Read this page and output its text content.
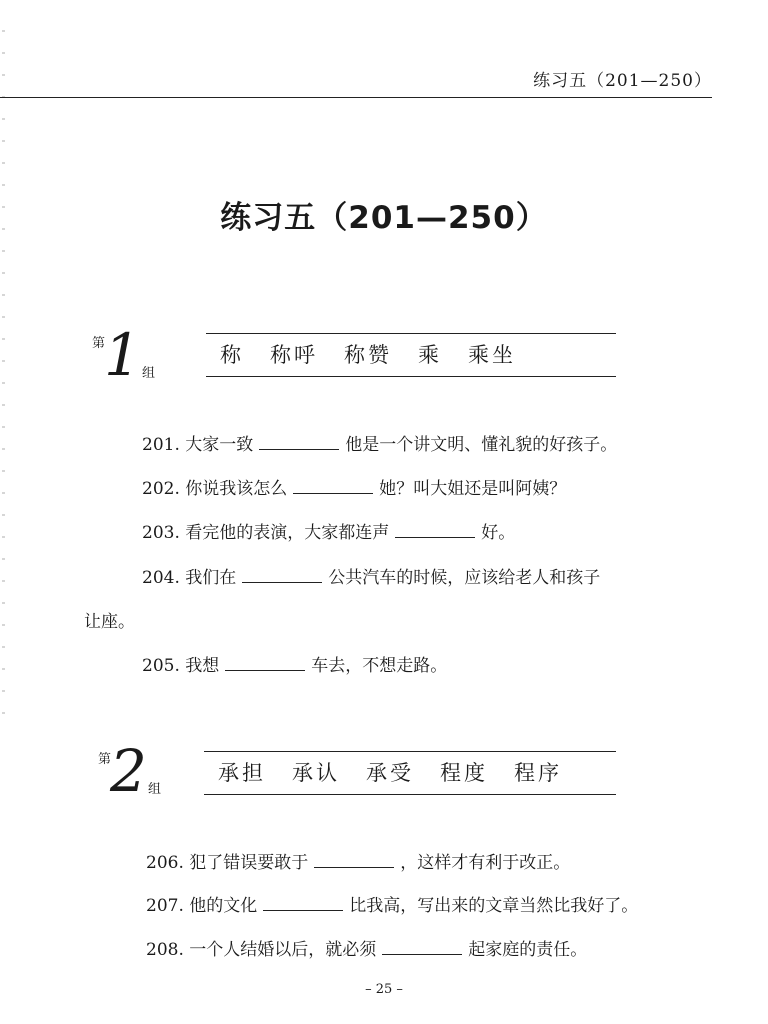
练习五（201—250）
练习五（201—250）
第
1 组
称 称呼 称赞 乘 乘坐
201. 大家一致	他是一个讲文明、懂礼貌的好孩子。
202. 你说我该怎么	她？叫大姐还是叫阿姨？
203. 看完他的表演，大家都连声	好。
204. 我们在	公共汽车的时候，应该给老人和孩子
让座。
205. 我想	车去，不想走路。
第
2 组
承担 承认 承受 程度 程序
206. 犯了错误要敢于	，这样才有利于改正。
207. 他的文化	比我高，写出来的文章当然比我好了。
208. 一个人结婚以后，就必须	起家庭的责任。
– 25 –
